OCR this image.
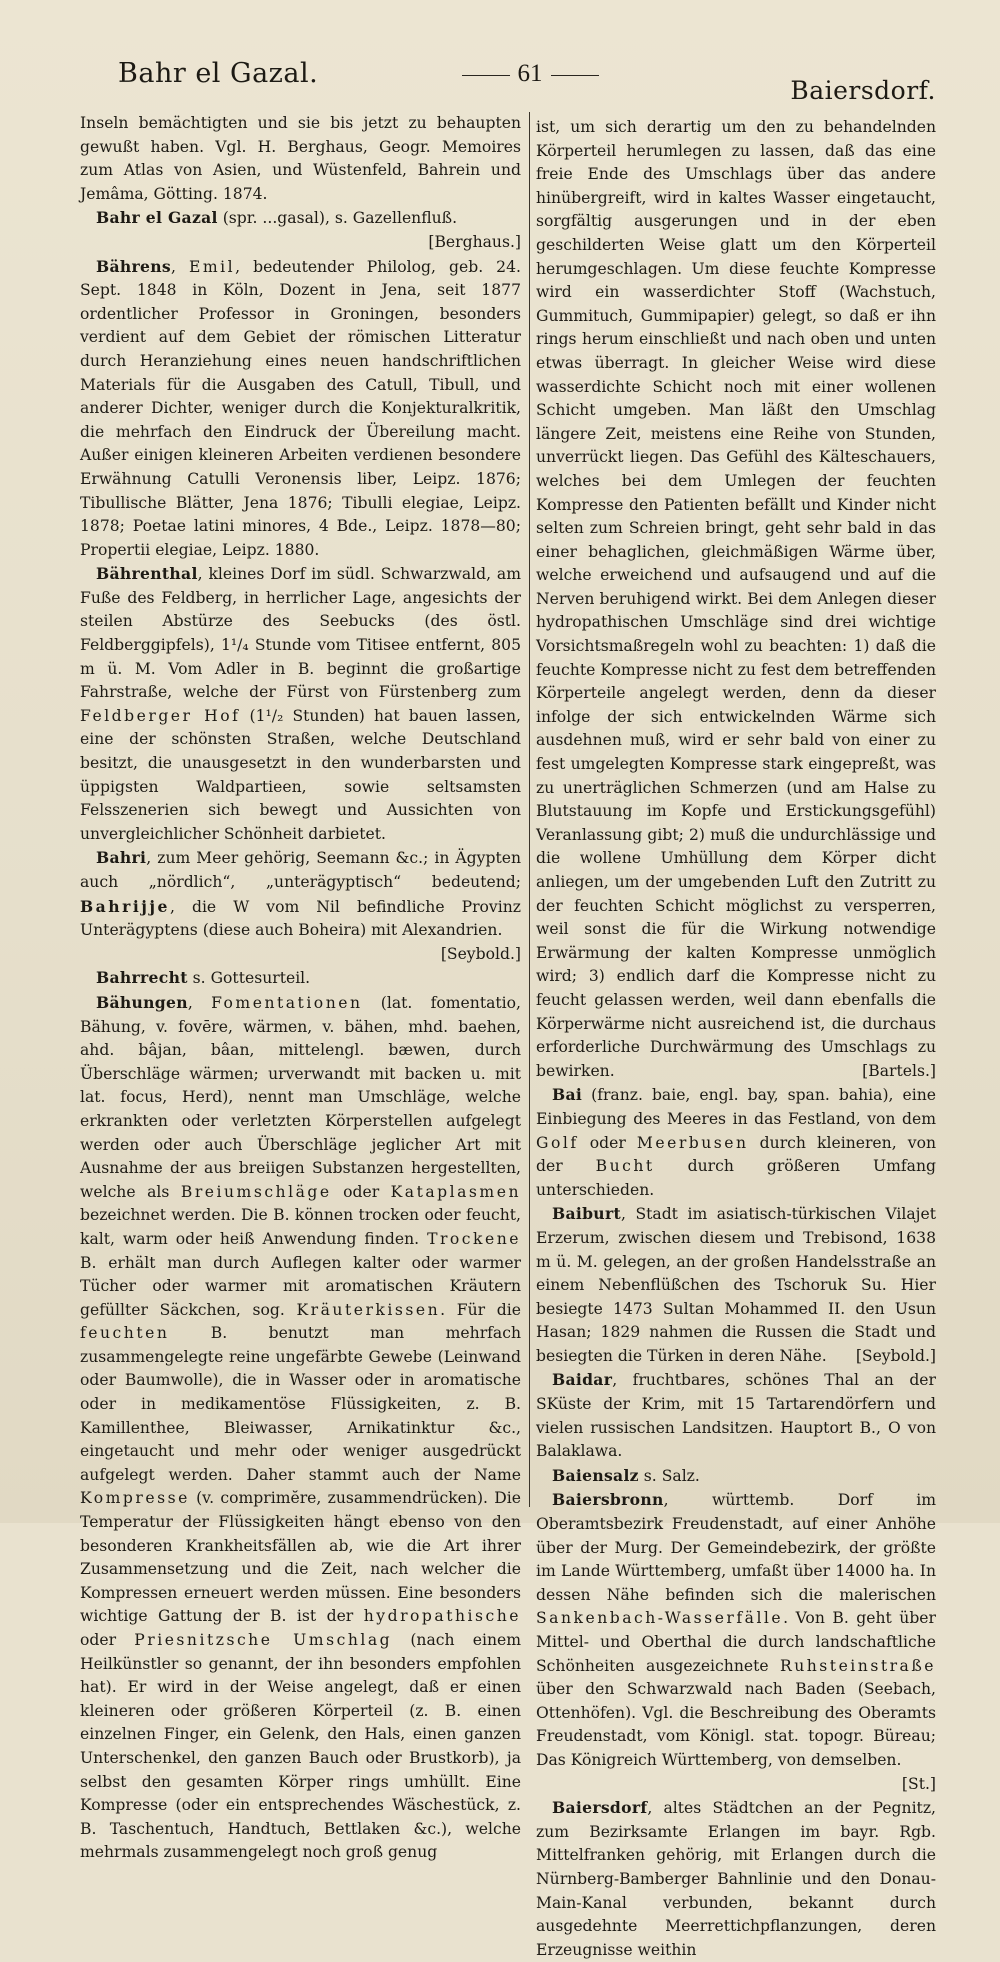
Bahr el Gazal.	61
Baiersdorf.

Inseln bemächtigten und sie bis jetzt zu behaupten gewußt haben. Vgl. H. Berghaus, Geogr. Memoires zum Atlas von Asien, und Wüstenfeld, Bahrein und Jemâma, Götting. 1874.

Bahr el Gazal (spr. ...gasal), s. Gazellenfluß.
[Berghaus.]

Bährens, Emil, bedeutender Philolog, geb. 24. Sept. 1848 in Köln, Dozent in Jena, seit 1877 ordentlicher Professor in Groningen, besonders verdient auf dem Gebiet der römischen Litteratur durch Heranziehung eines neuen handschriftlichen Materials für die Ausgaben des Catull, Tibull, und anderer Dichter, weniger durch die Konjekturalkritik, die mehrfach den Eindruck der Übereilung macht. Außer einigen kleineren Arbeiten verdienen besondere Erwähnung Catulli Veronensis liber, Leipz. 1876; Tibullische Blätter, Jena 1876; Tibulli elegiae, Leipz. 1878; Poetae latini minores, 4 Bde., Leipz. 1878—80; Propertii elegiae, Leipz. 1880.

Bährenthal, kleines Dorf im südl. Schwarzwald, am Fuße des Feldberg, in herrlicher Lage, angesichts der steilen Abstürze des Seebucks (des östl. Feldberggipfels), 1¹/₄ Stunde vom Titisee entfernt, 805 m ü. M. Vom Adler in B. beginnt die großartige Fahrstraße, welche der Fürst von Fürstenberg zum Feldberger Hof (1¹/₂ Stunden) hat bauen lassen, eine der schönsten Straßen, welche Deutschland besitzt, die unausgesetzt in den wunderbarsten und üppigsten Waldpartieen, sowie seltsamsten Felsszenerien sich bewegt und Aussichten von unvergleichlicher Schönheit darbietet.

Bahri, zum Meer gehörig, Seemann &c.; in Ägypten auch „nördlich“, „unterägyptisch“ bedeutend; Bahrijje, die W vom Nil befindliche Provinz Unterägyptens (diese auch Boheira) mit Alexandrien.
[Seybold.]

Bahrrecht s. Gottesurteil.

Bähungen, Fomentationen (lat. fomentatio, Bähung, v. fovēre, wärmen, v. bähen, mhd. baehen, ahd. bâjan, bâan, mittelengl. bæwen, durch Überschläge wärmen; urverwandt mit backen u. mit lat. focus, Herd), nennt man Umschläge, welche erkrankten oder verletzten Körperstellen aufgelegt werden oder auch Überschläge jeglicher Art mit Ausnahme der aus breiigen Substanzen hergestellten, welche als Breiumschläge oder Kataplasmen bezeichnet werden. Die B. können trocken oder feucht, kalt, warm oder heiß Anwendung finden. Trockene B. erhält man durch Auflegen kalter oder warmer Tücher oder warmer mit aromatischen Kräutern gefüllter Säckchen, sog. Kräuterkissen. Für die feuchten B. benutzt man mehrfach zusammengelegte reine ungefärbte Gewebe (Leinwand oder Baumwolle), die in Wasser oder in aromatische oder in medikamentöse Flüssigkeiten, z. B. Kamillenthee, Bleiwasser, Arnikatinktur &c., eingetaucht und mehr oder weniger ausgedrückt aufgelegt werden. Daher stammt auch der Name Kompresse (v. comprimĕre, zusammendrücken). Die Temperatur der Flüssigkeiten hängt ebenso von den besonderen Krankheitsfällen ab, wie die Art ihrer Zusammensetzung und die Zeit, nach welcher die Kompressen erneuert werden müssen. Eine besonders wichtige Gattung der B. ist der hydropathische oder Priesnitzsche Umschlag (nach einem Heilkünstler so genannt, der ihn besonders empfohlen hat). Er wird in der Weise angelegt, daß er einen kleineren oder größeren Körperteil (z. B. einen einzelnen Finger, ein Gelenk, den Hals, einen ganzen Unterschenkel, den ganzen Bauch oder Brustkorb), ja selbst den gesamten Körper rings umhüllt. Eine Kompresse (oder ein entsprechendes Wäschestück, z. B. Taschentuch, Handtuch, Bettlaken &c.), welche mehrmals zusammengelegt noch groß genug

ist, um sich derartig um den zu behandelnden Körperteil herumlegen zu lassen, daß das eine freie Ende des Umschlags über das andere hinübergreift, wird in kaltes Wasser eingetaucht, sorgfältig ausgerungen und in der eben geschilderten Weise glatt um den Körperteil herumgeschlagen. Um diese feuchte Kompresse wird ein wasserdichter Stoff (Wachstuch, Gummituch, Gummipapier) gelegt, so daß er ihn rings herum einschließt und nach oben und unten etwas überragt. In gleicher Weise wird diese wasserdichte Schicht noch mit einer wollenen Schicht umgeben. Man läßt den Umschlag längere Zeit, meistens eine Reihe von Stunden, unverrückt liegen. Das Gefühl des Kälteschauers, welches bei dem Umlegen der feuchten Kompresse den Patienten befällt und Kinder nicht selten zum Schreien bringt, geht sehr bald in das einer behaglichen, gleichmäßigen Wärme über, welche erweichend und aufsaugend und auf die Nerven beruhigend wirkt. Bei dem Anlegen dieser hydropathischen Umschläge sind drei wichtige Vorsichtsmaßregeln wohl zu beachten: 1) daß die feuchte Kompresse nicht zu fest dem betreffenden Körperteile angelegt werden, denn da dieser infolge der sich entwickelnden Wärme sich ausdehnen muß, wird er sehr bald von einer zu fest umgelegten Kompresse stark eingepreßt, was zu unerträglichen Schmerzen (und am Halse zu Blutstauung im Kopfe und Erstickungsgefühl) Veranlassung gibt; 2) muß die undurchlässige und die wollene Umhüllung dem Körper dicht anliegen, um der umgebenden Luft den Zutritt zu der feuchten Schicht möglichst zu versperren, weil sonst die für die Wirkung notwendige Erwärmung der kalten Kompresse unmöglich wird; 3) endlich darf die Kompresse nicht zu feucht gelassen werden, weil dann ebenfalls die Körperwärme nicht ausreichend ist, die durchaus erforderliche Durchwärmung des Umschlags zu bewirken.	[Bartels.]

Bai (franz. baie, engl. bay, span. bahia), eine Einbiegung des Meeres in das Festland, von dem Golf oder Meerbusen durch kleineren, von der Bucht durch größeren Umfang unterschieden.

Baiburt, Stadt im asiatisch-türkischen Vilajet Erzerum, zwischen diesem und Trebisond, 1638 m ü. M. gelegen, an der großen Handelsstraße an einem Nebenflüßchen des Tschoruk Su. Hier besiegte 1473 Sultan Mohammed II. den Usun Hasan; 1829 nahmen die Russen die Stadt und besiegten die Türken in deren Nähe.	[Seybold.]

Baidar, fruchtbares, schönes Thal an der SKüste der Krim, mit 15 Tartarendörfern und vielen russischen Landsitzen. Hauptort B., O von Balaklawa.

Baiensalz s. Salz.

Baiersbronn, württemb. Dorf im Oberamtsbezirk Freudenstadt, auf einer Anhöhe über der Murg. Der Gemeindebezirk, der größte im Lande Württemberg, umfaßt über 14000 ha. In dessen Nähe befinden sich die malerischen Sankenbach-Wasserfälle. Von B. geht über Mittel- und Oberthal die durch landschaftliche Schönheiten ausgezeichnete Ruhsteinstraße über den Schwarzwald nach Baden (Seebach, Ottenhöfen). Vgl. die Beschreibung des Oberamts Freudenstadt, vom Königl. stat. topogr. Büreau; Das Königreich Württemberg, von demselben.
[St.]

Baiersdorf, altes Städtchen an der Pegnitz, zum Bezirksamte Erlangen im bayr. Rgb. Mittelfranken gehörig, mit Erlangen durch die Nürnberg-Bamberger Bahnlinie und den Donau-Main-Kanal verbunden, bekannt durch ausgedehnte Meerrettichpflanzungen, deren Erzeugnisse weithin
